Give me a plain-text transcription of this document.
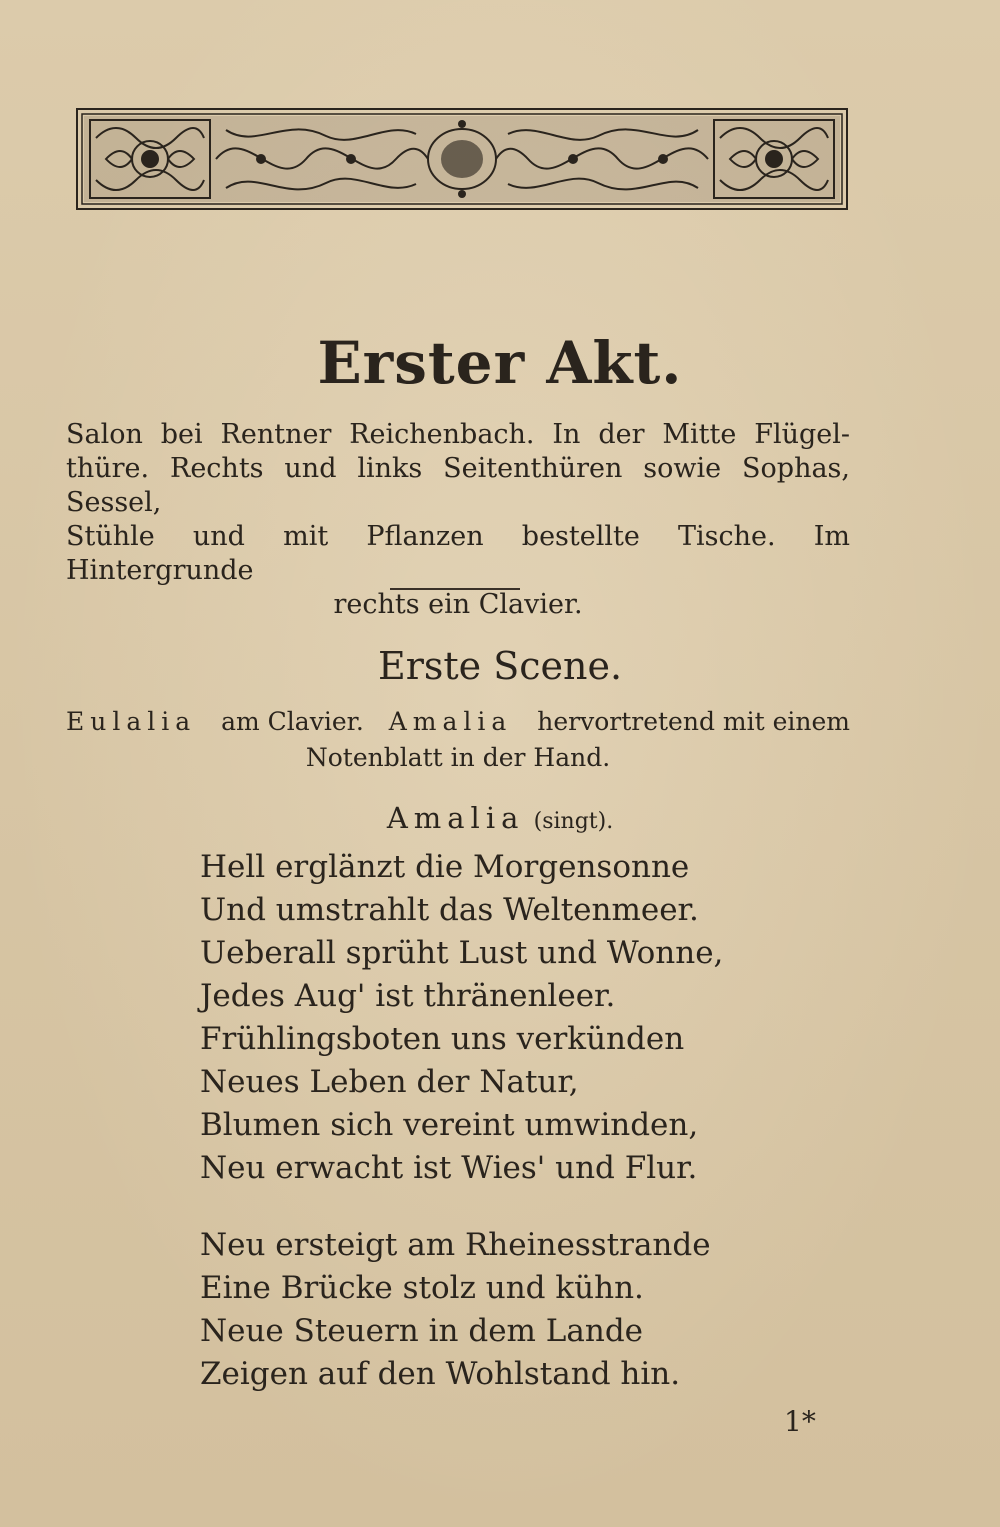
Erster Akt.
Salon bei Rentner Reichenbach. In der Mitte Flügel-
thüre. Rechts und links Seitenthüren sowie Sophas, Sessel,
Stühle und mit Pflanzen bestellte Tische. Im Hintergrunde
rechts ein Clavier.
Erste Scene.
Eulalia am Clavier. Amalia hervortretend mit einem
Notenblatt in der Hand.
Amalia (singt).
Hell erglänzt die Morgensonne
Und umstrahlt das Weltenmeer.
Ueberall sprüht Lust und Wonne,
Jedes Aug' ist thränenleer.
Frühlingsboten uns verkünden
Neues Leben der Natur,
Blumen sich vereint umwinden,
Neu erwacht ist Wies' und Flur.
Neu ersteigt am Rheinesstrande
Eine Brücke stolz und kühn.
Neue Steuern in dem Lande
Zeigen auf den Wohlstand hin.
1*
